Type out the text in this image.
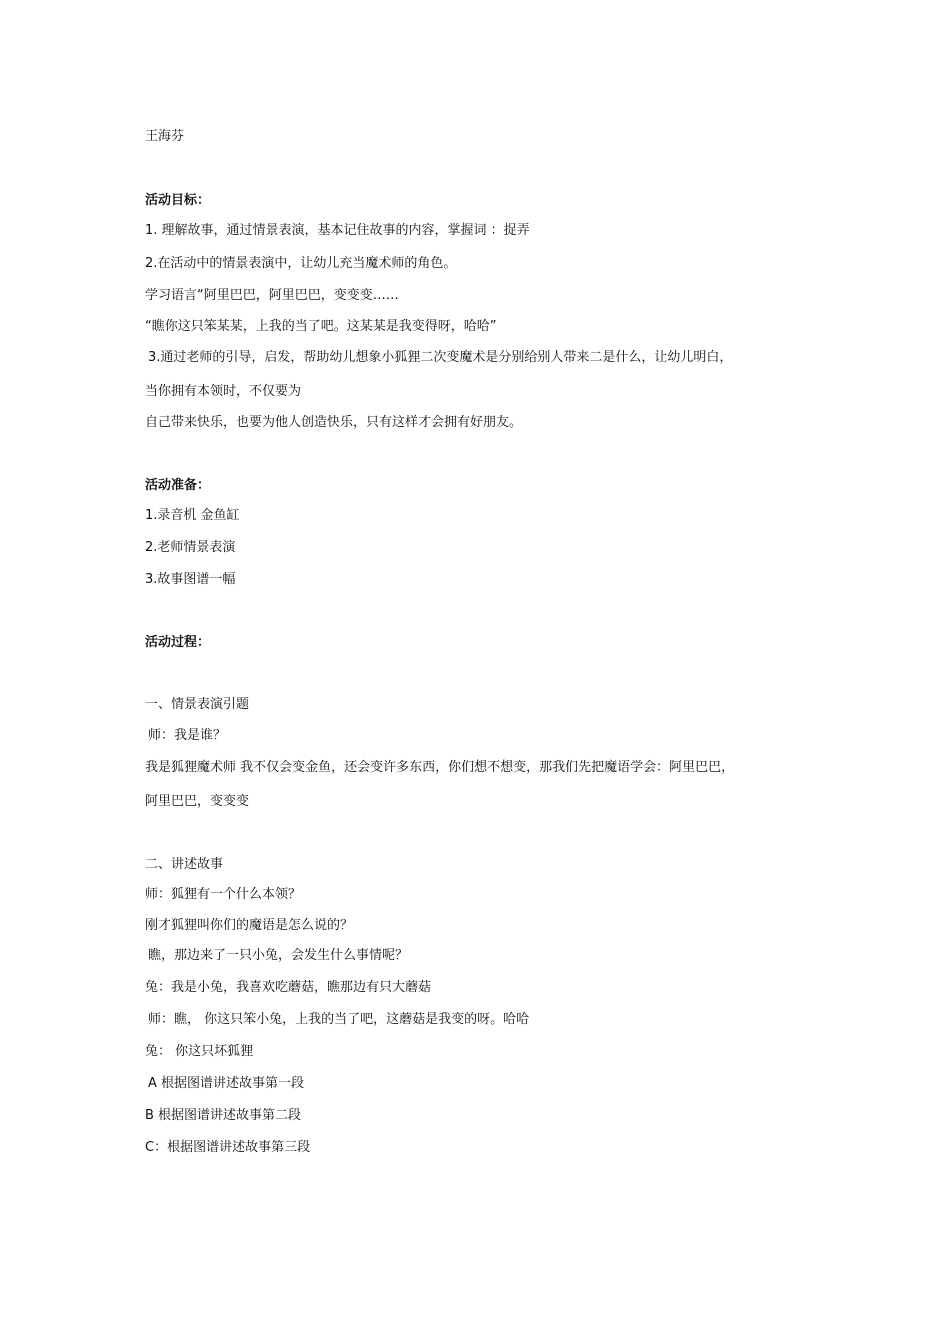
王海芬
活动目标：
1. 理解故事，通过情景表演，基本记住故事的内容，掌握词 ：捉弄
2.在活动中的情景表演中，让幼儿充当魔术师的角色。
学习语言“阿里巴巴，阿里巴巴，变变变……
“瞧你这只笨某某，上我的当了吧。这某某是我变得呀，哈哈”
3.通过老师的引导，启发，帮助幼儿想象小狐狸二次变魔术是分别给别人带来二是什么，让幼儿明白，
当你拥有本领时，不仅要为
自己带来快乐，也要为他人创造快乐，只有这样才会拥有好朋友。
活动准备：
1.录音机 金鱼缸
2.老师情景表演
3.故事图谱一幅
活动过程：
一、情景表演引题
师：我是谁？
我是狐狸魔术师 我不仅会变金鱼，还会变许多东西，你们想不想变，那我们先把魔语学会：阿里巴巴，
阿里巴巴，变变变
二、讲述故事
师：狐狸有一个什么本领？
刚才狐狸叫你们的魔语是怎么说的？
瞧，那边来了一只小兔，会发生什么事情呢？
兔：我是小兔，我喜欢吃蘑菇，瞧那边有只大蘑菇
师：瞧， 你这只笨小兔，上我的当了吧，这蘑菇是我变的呀。哈哈
兔： 你这只坏狐狸
A 根据图谱讲述故事第一段
B 根据图谱讲述故事第二段
C：根据图谱讲述故事第三段
